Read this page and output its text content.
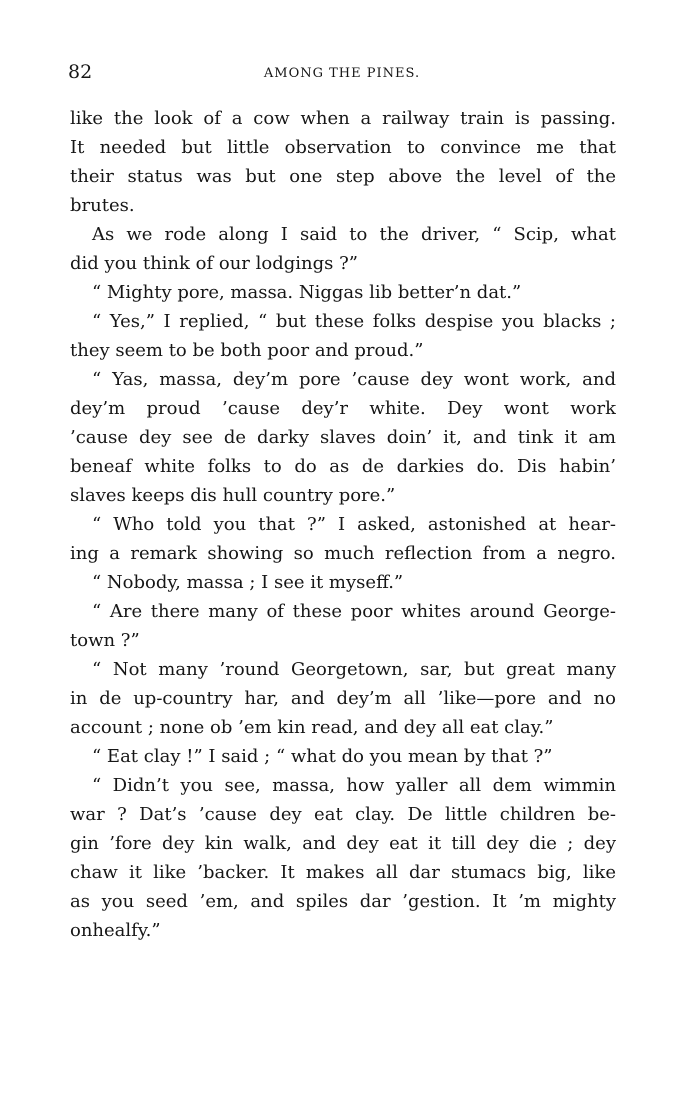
82	AMONG THE PINES.
like the look of a cow when a railway train is passing.
It needed but little observation to convince me that
their status was but one step above the level of the
brutes.
As we rode along I said to the driver, “ Scip, what
did you think of our lodgings ?”
“ Mighty pore, massa. Niggas lib better’n dat.”
“ Yes,” I replied, “ but these folks despise you blacks ;
they seem to be both poor and proud.”
“ Yas, massa, dey’m pore ’cause dey wont work, and
dey’m proud ’cause dey’r white. Dey wont work
’cause dey see de darky slaves doin’ it, and tink it am
beneaf white folks to do as de darkies do. Dis habin’
slaves keeps dis hull country pore.”
“ Who told you that ?” I asked, astonished at hear-
ing a remark showing so much reflection from a negro.
“ Nobody, massa ; I see it myseff.”
“ Are there many of these poor whites around George-
town ?”
“ Not many ’round Georgetown, sar, but great many
in de up-country har, and dey’m all ’like—pore and no
account ; none ob ’em kin read, and dey all eat clay.”
“ Eat clay !” I said ; “ what do you mean by that ?”
“ Didn’t you see, massa, how yaller all dem wimmin
war ? Dat’s ’cause dey eat clay. De little children be-
gin ’fore dey kin walk, and dey eat it till dey die ; dey
chaw it like ’backer. It makes all dar stumacs big, like
as you seed ’em, and spiles dar ’gestion. It ’m mighty
onhealfy.”
